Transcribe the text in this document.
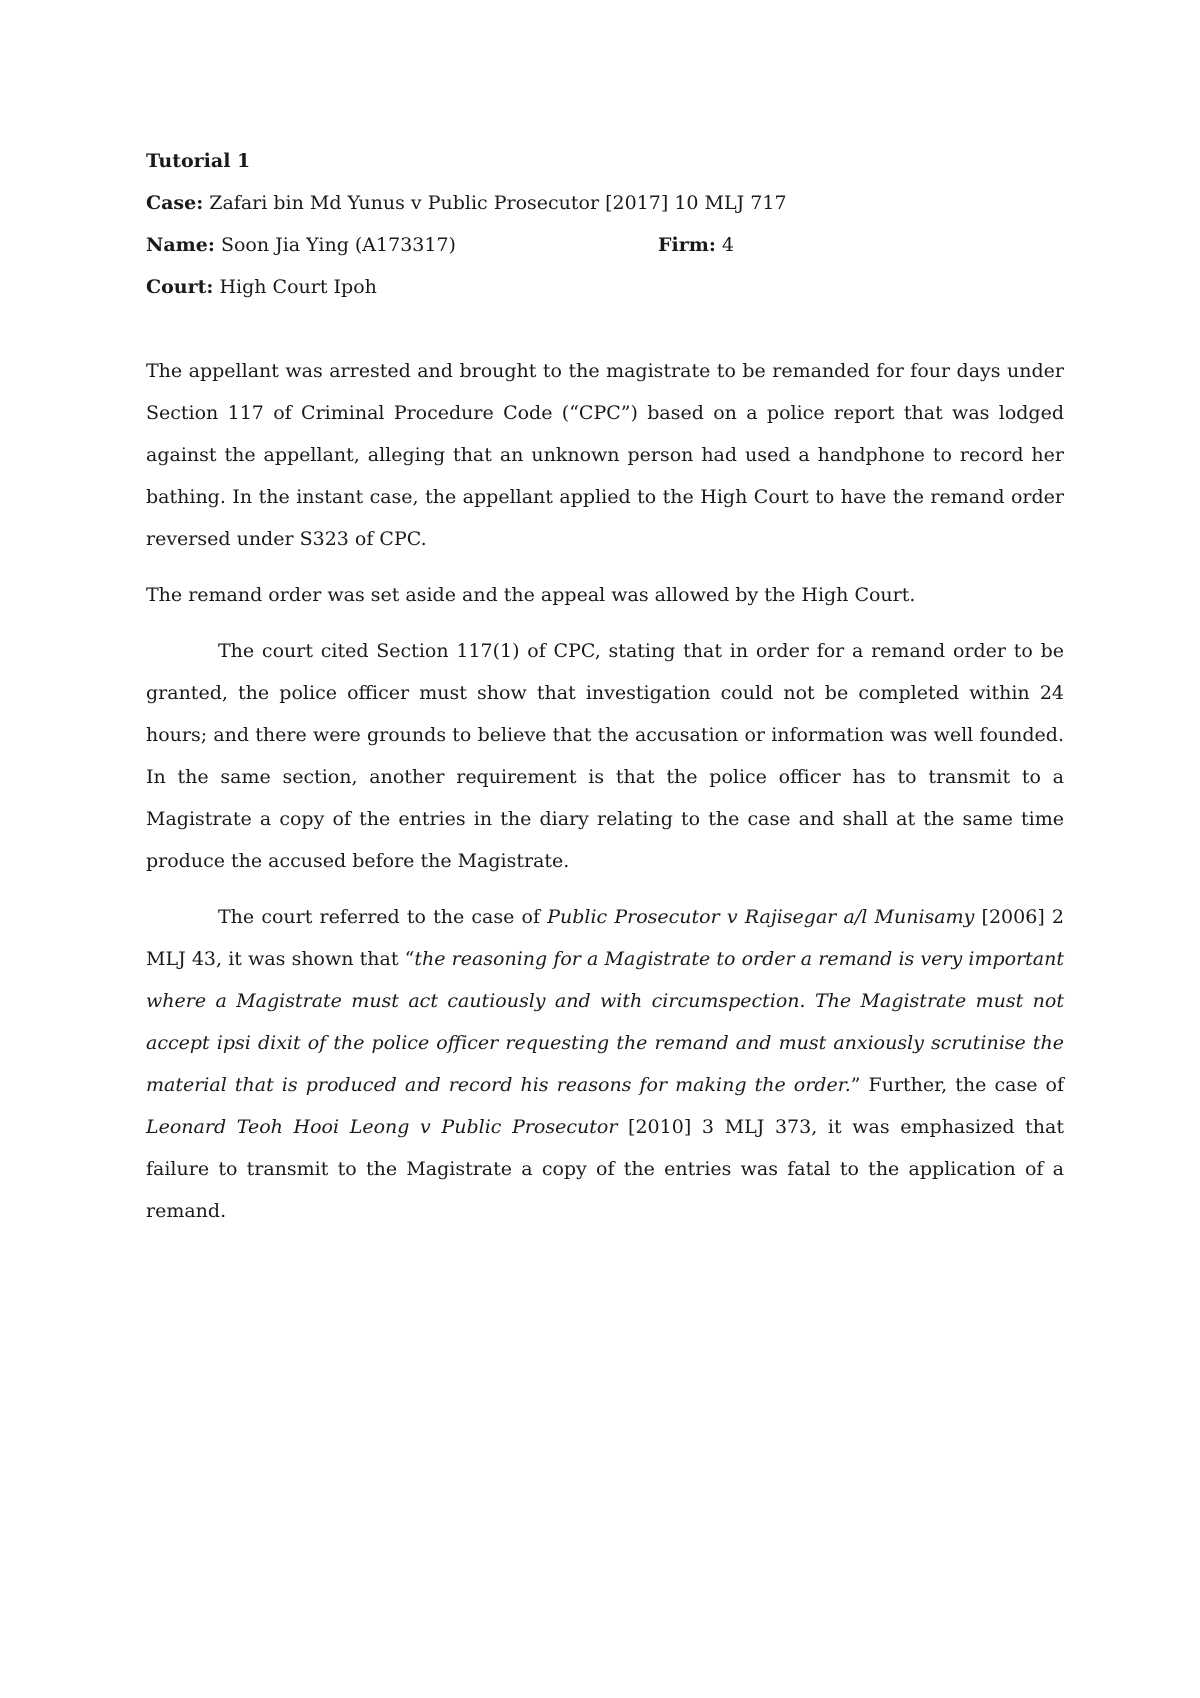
Tutorial 1
Case: Zafari bin Md Yunus v Public Prosecutor [2017] 10 MLJ 717
Name: Soon Jia Ying (A173317)	Firm: 4
Court: High Court Ipoh

The appellant was arrested and brought to the magistrate to be remanded for four days under Section 117 of Criminal Procedure Code (“CPC”) based on a police report that was lodged against the appellant, alleging that an unknown person had used a handphone to record her bathing. In the instant case, the appellant applied to the High Court to have the remand order reversed under S323 of CPC.

The remand order was set aside and the appeal was allowed by the High Court.

The court cited Section 117(1) of CPC, stating that in order for a remand order to be granted, the police officer must show that investigation could not be completed within 24 hours; and there were grounds to believe that the accusation or information was well founded. In the same section, another requirement is that the police officer has to transmit to a Magistrate a copy of the entries in the diary relating to the case and shall at the same time produce the accused before the Magistrate.

The court referred to the case of Public Prosecutor v Rajisegar a/l Munisamy [2006] 2 MLJ 43, it was shown that “the reasoning for a Magistrate to order a remand is very important where a Magistrate must act cautiously and with circumspection. The Magistrate must not accept ipsi dixit of the police officer requesting the remand and must anxiously scrutinise the material that is produced and record his reasons for making the order.” Further, the case of Leonard Teoh Hooi Leong v Public Prosecutor [2010] 3 MLJ 373, it was emphasized that failure to transmit to the Magistrate a copy of the entries was fatal to the application of a remand.
